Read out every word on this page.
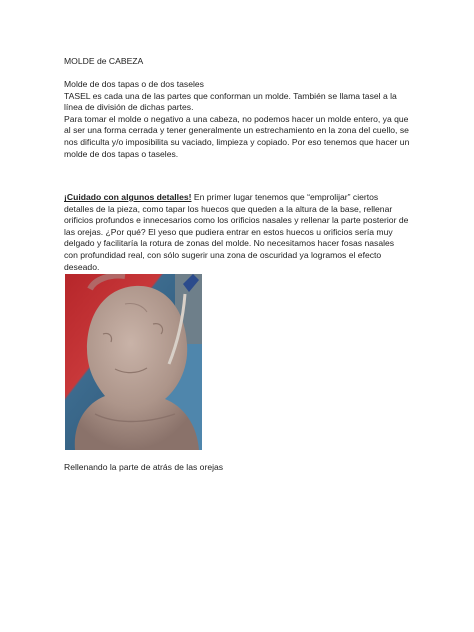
MOLDE de CABEZA
Molde de dos tapas o de dos taseles
TASEL es cada una de las partes que conforman un molde. También se llama tasel a la línea de división de dichas partes.
Para tomar el molde o negativo a una cabeza, no podemos hacer un molde entero, ya que al ser una forma cerrada y tener generalmente un estrechamiento en la zona del cuello, se nos dificulta y/o imposibilita su vaciado, limpieza y copiado. Por eso tenemos que hacer un molde de dos tapas o taseles.
¡Cuidado con algunos detalles! En primer lugar tenemos que “emprolijar” ciertos detalles de la pieza, como tapar los huecos que queden a la altura de la base, rellenar orificios profundos e innecesarios como los orificios nasales y rellenar la parte posterior de las orejas. ¿Por qué? El yeso que pudiera entrar en estos huecos u orificios sería muy delgado y facilitaría la rotura de zonas del molde. No necesitamos hacer fosas nasales con profundidad real, con sólo sugerir una zona de oscuridad ya logramos el efecto deseado.
Rellenando la parte de atrás de las orejas
